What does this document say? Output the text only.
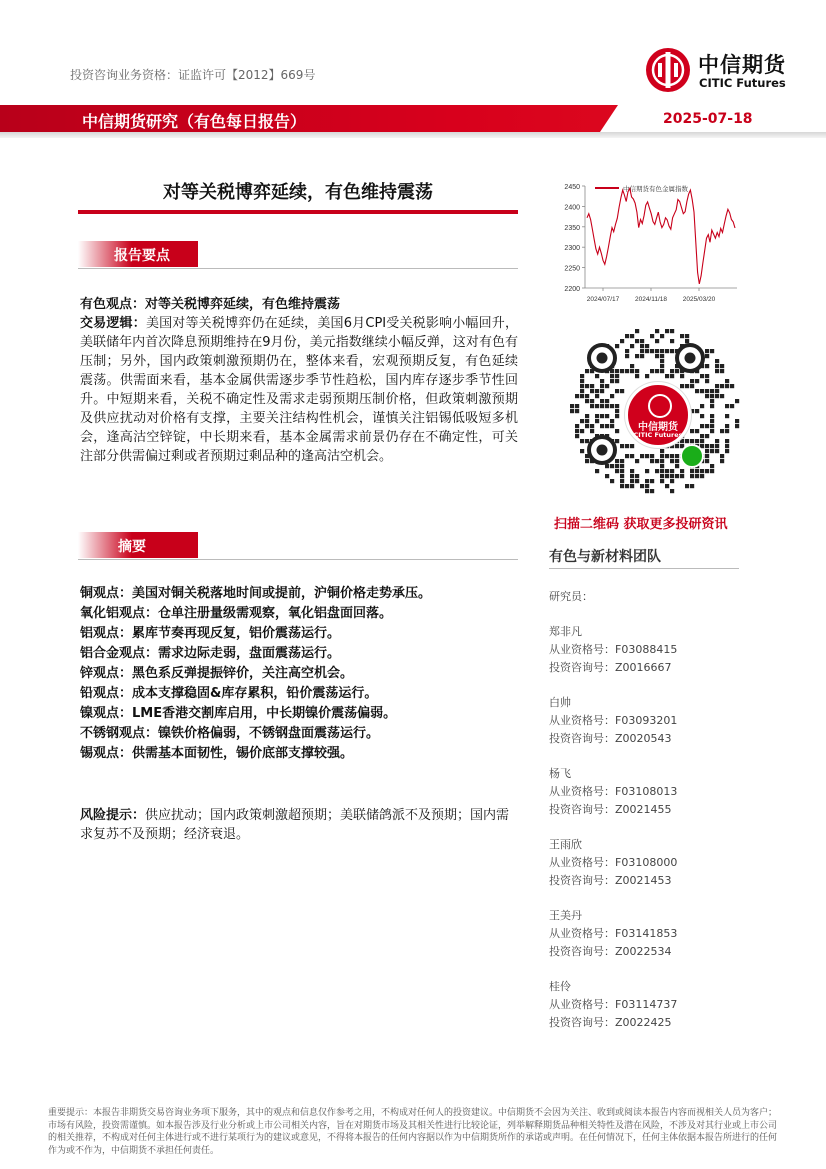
投资咨询业务资格：证监许可【2012】669号	中信期货
CITIC Futures
中信期货研究（有色每日报告）	2025-07-18
对等关税博弈延续，有色维持震荡
报告要点
有色观点：对等关税博弈延续，有色维持震荡
交易逻辑：美国对等关税博弈仍在延续，美国6月CPI受关税影响小幅回升，美联储年内首次降息预期维持在9月份，美元指数继续小幅反弹，这对有色有压制；另外，国内政策刺激预期仍在，整体来看，宏观预期反复，有色延续震荡。供需面来看，基本金属供需逐步季节性趋松，国内库存逐步季节性回升。中短期来看，关税不确定性及需求走弱预期压制价格，但政策刺激预期及供应扰动对价格有支撑，主要关注结构性机会，谨慎关注铝锡低吸短多机会，逢高沽空锌锭，中长期来看，基本金属需求前景仍存在不确定性，可关注部分供需偏过剩或者预期过剩品种的逢高沽空机会。
摘要
铜观点：美国对铜关税落地时间或提前，沪铜价格走势承压。
氧化铝观点：仓单注册量级需观察，氧化铝盘面回落。
铝观点：累库节奏再现反复，铝价震荡运行。
铝合金观点：需求边际走弱，盘面震荡运行。
锌观点：黑色系反弹提振锌价，关注高空机会。
铅观点：成本支撑稳固&库存累积，铅价震荡运行。
镍观点：LME香港交割库启用，中长期镍价震荡偏弱。
不锈钢观点：镍铁价格偏弱，不锈钢盘面震荡运行。
锡观点：供需基本面韧性，锡价底部支撑较强。
风险提示：供应扰动；国内政策刺激超预期；美联储鸽派不及预期；国内需求复苏不及预期；经济衰退。
2200
2250
2300
2350
2400
2450
2024/07/17 2024/11/18 2025/03/20
中信期货有色金属指数
中信期货
CITIC Futures
扫描二维码 获取更多投研资讯
有色与新材料团队
研究员：
郑非凡
从业资格号：F03088415
投资咨询号：Z0016667
白帅
从业资格号：F03093201
投资咨询号：Z0020543
杨飞
从业资格号：F03108013
投资咨询号：Z0021455
王雨欣
从业资格号：F03108000
投资咨询号：Z0021453
王美丹
从业资格号：F03141853
投资咨询号：Z0022534
桂伶
从业资格号：F03114737
投资咨询号：Z0022425
重要提示：本报告非期货交易咨询业务项下服务，其中的观点和信息仅作参考之用，不构成对任何人的投资建议。中信期货不会因为关注、收到或阅读本报告内容而视相关人员为客户；市场有风险，投资需谨慎。如本报告涉及行业分析或上市公司相关内容，旨在对期货市场及其相关性进行比较论证，列举解释期货品种相关特性及潜在风险，不涉及对其行业或上市公司的相关推荐，不构成对任何主体进行或不进行某项行为的建议或意见，不得将本报告的任何内容据以作为中信期货所作的承诺或声明。在任何情况下，任何主体依据本报告所进行的任何作为或不作为，中信期货不承担任何责任。
